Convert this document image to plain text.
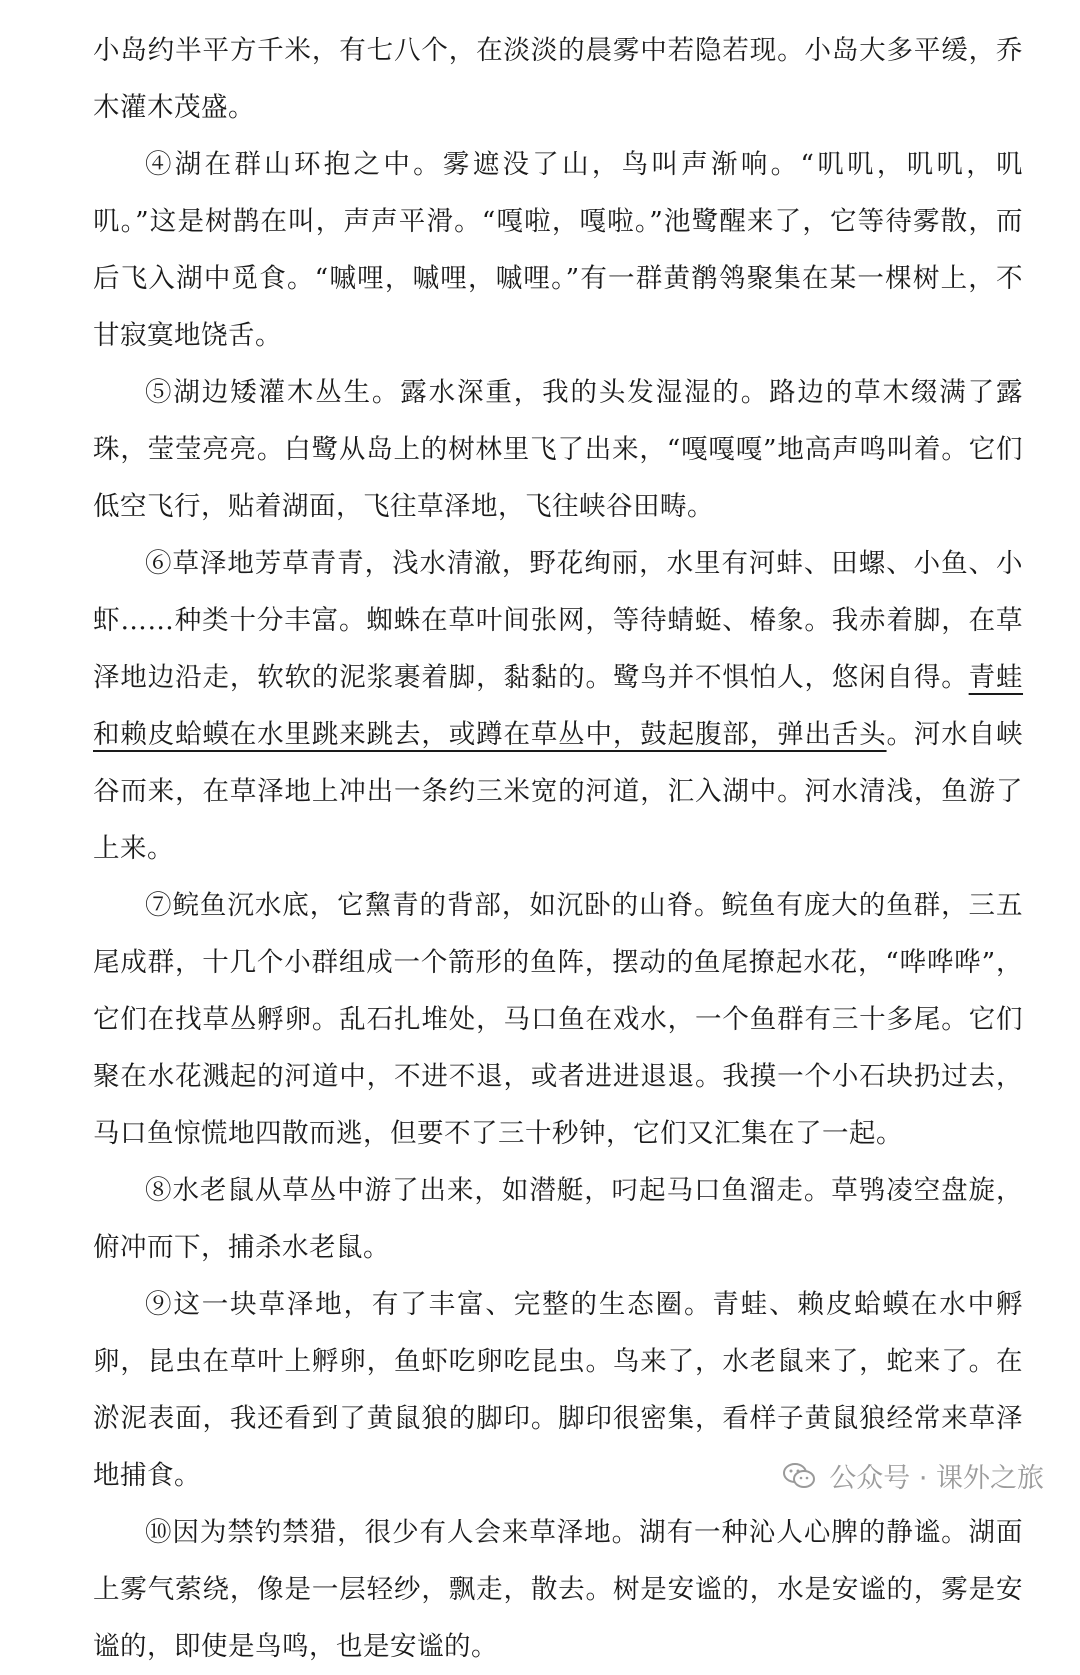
小岛约半平方千米，有七八个，在淡淡的晨雾中若隐若现。小岛大多平缓，乔木灌木茂盛。

④湖在群山环抱之中。雾遮没了山，鸟叫声渐响。“叽叽，叽叽，叽叽。”这是树鹊在叫，声声平滑。“嘎啦，嘎啦。”池鹭醒来了，它等待雾散，而后飞入湖中觅食。“嘁哩，嘁哩，嘁哩。”有一群黄鹡鸰聚集在某一棵树上，不甘寂寞地饶舌。

⑤湖边矮灌木丛生。露水深重，我的头发湿湿的。路边的草木缀满了露珠，莹莹亮亮。白鹭从岛上的树林里飞了出来，“嘎嘎嘎”地高声鸣叫着。它们低空飞行，贴着湖面，飞往草泽地，飞往峡谷田畴。

⑥草泽地芳草青青，浅水清澈，野花绚丽，水里有河蚌、田螺、小鱼、小虾……种类十分丰富。蜘蛛在草叶间张网，等待蜻蜓、椿象。我赤着脚，在草泽地边沿走，软软的泥浆裹着脚，黏黏的。鹭鸟并不惧怕人，悠闲自得。青蛙和赖皮蛤蟆在水里跳来跳去，或蹲在草丛中，鼓起腹部，弹出舌头。河水自峡谷而来，在草泽地上冲出一条约三米宽的河道，汇入湖中。河水清浅，鱼游了上来。

⑦鲩鱼沉水底，它黧青的背部，如沉卧的山脊。鲩鱼有庞大的鱼群，三五尾成群，十几个小群组成一个箭形的鱼阵，摆动的鱼尾撩起水花，“哗哗哗”，它们在找草丛孵卵。乱石扎堆处，马口鱼在戏水，一个鱼群有三十多尾。它们聚在水花溅起的河道中，不进不退，或者进进退退。我摸一个小石块扔过去，马口鱼惊慌地四散而逃，但要不了三十秒钟，它们又汇集在了一起。

⑧水老鼠从草丛中游了出来，如潜艇，叼起马口鱼溜走。草鸮凌空盘旋，俯冲而下，捕杀水老鼠。

⑨这一块草泽地，有了丰富、完整的生态圈。青蛙、赖皮蛤蟆在水中孵卵，昆虫在草叶上孵卵，鱼虾吃卵吃昆虫。鸟来了，水老鼠来了，蛇来了。在淤泥表面，我还看到了黄鼠狼的脚印。脚印很密集，看样子黄鼠狼经常来草泽地捕食。

⑩因为禁钓禁猎，很少有人会来草泽地。湖有一种沁人心脾的静谧。湖面上雾气萦绕，像是一层轻纱，飘走，散去。树是安谧的，水是安谧的，雾是安谧的，即使是鸟鸣，也是安谧的。

公众号 · 课外之旅
